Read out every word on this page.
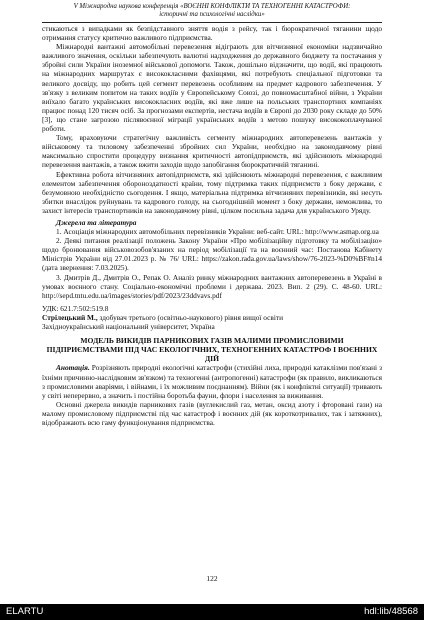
V Міжнародна наукова конференція «ВОЄННІ КОНФЛІКТИ ТА ТЕХНОГЕННІ КАТАСТРОФИ:
історичні та психологічні наслідки»

стикаються з випадками як безпідставного зняття водія з рейсу, так і бюрократичної тяганини щодо отримання статусу критично важливого підприємства.

Міжнародні вантажні автомобільні перевезення відіграють для вітчизняної економіки надзвичайно важливого значення, оскільки забезпечують валютні надходження до державного бюджету та постачання у збройні сили України іноземної військової допомоги. Також, дошільно відзначити, що водії, які працюють на міжнародних маршрутах є висококласними фахівцями, які потребують спеціальної підготовки та великого досвіду, що робить цей сегмент перевезень особливим на предмет кадрового забезпечення. У зв'язку з великим попитом на таких водіїв у Європейському Союзі, до повномасштабної війни, з України виїхало багато українських висококласних водіїв, які вже лише на польських транспортних компаніях працює понад 120 тисяч осіб. За прогнозами експертів, нестача водіїв в Європі до 2030 року складе до 50% [3], що стане загрозою післявоєнної міграції українських водіїв з метою пошуку висококоплачуваної роботи.

Тому, враховуючи стратегічну важливість сегменту міжнародних автоперевезень вантажів у військовому та тиловому забезпеченні збройних сил України, необхідно на законодавчому рівні максимально спростити процедуру визнання критичності автопідприємств, які здійснюють міжнародні перевезення вантажів, а також вжити заходів щодо запобігання бюрократичній тяганині.

Ефективна робота вітчизняних автопідприємств, які здійснюють міжнародні перевезення, є важливим елементом забезпечення обороноздатності країни, тому підтримка таких підприємств з боку держави, є безумовною необхідністю сьогодення. І якщо, матеріальна підтримка вітчизняних перевізників, які несуть збитки внаслідок руйнувань та кадрового голоду, на сьогоднішній момент з боку держави, неможлива, то захист інтересів транспортників на законодавчому рівні, цілком посильна задача для українського Уряду.

Джерела та література

1. Асоціація міжнародних автомобільних перевізників України: веб-сайт. URL: http://www.asmap.org.ua

2. Деякі питання реалізації положень Закону України «Про мобілізаційну підготовку та мобілізацію» щодо бронювання військовозобов'язаних на період мобілізації та на воєнний час: Постанова Кабінету Міністрів України від 27.01.2023 р. № 76/ URL: https://zakon.rada.gov.ua/laws/show/76-2023-%D0%BF#n14 (дата звернення: 7.03.2025).

3. Дмитрів Д., Дмитрів О., Репак О. Аналіз ринку міжнародних вантажних автоперевезень в Україні в умовах воєнного стану. Соціально-економічні проблеми і держава. 2023. Вип. 2 (29). С. 48-60. URL: http://sepd.tntu.edu.ua/images/stories/pdf/2023/23ddvavs.pdf

УДК: 621.7:502:519.8

Стрілецький М., здобувач третього (освітньо-наукового) рівня вищої освіти

Західноукраїнський національний університет, Україна

МОДЕЛЬ ВИКИДІВ ПАРНИКОВИХ ГАЗІВ МАЛИМИ ПРОМИСЛОВИМИ ПІДПРИЄМСТВАМИ ПІД ЧАС ЕКОЛОГІЧНИХ, ТЕХНОГЕННИХ КАТАСТРОФ І ВОЄННИХ ДІЙ

Анотація. Розрізняють природні екологічні катастрофи (стихійні лиха, природні катаклізми пов'язані з їхніми причинно-наслідковим зв'язком) та техногенні (антропогенні) катастрофи (як правило, викликаються з промисловими аваріями, і війнами, і їх можливим поєднанням). Війни (як і конфліктні ситуації) тривають у світі неперервно, а значить і постійна боротьба фауни, флори і населення за виживання.

Основні джерела викидів парникових газів (вуглекислий газ, метан, оксид азоту і фторовані гази) на малому промисловому підприємстві під час катастроф і воєнних дій (як короткотривалих, так і затяжних), відображають всю гаму функціонування підприємства.

122
ELARTU	hdl:lib/48568
